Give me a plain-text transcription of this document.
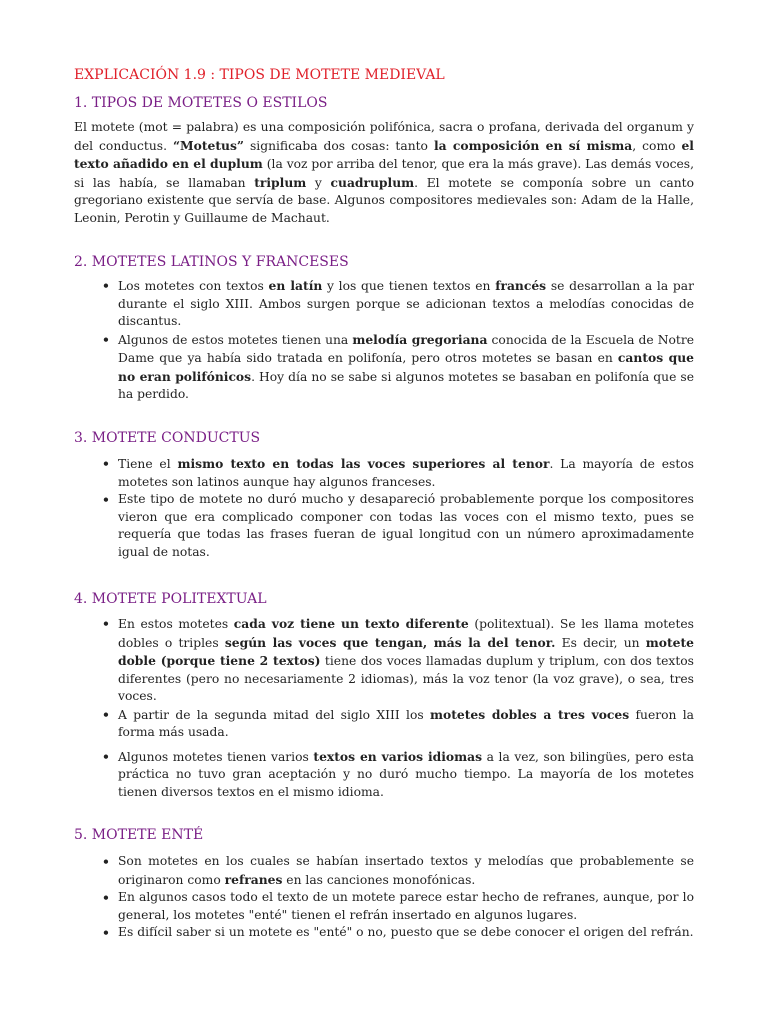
EXPLICACIÓN 1.9 : TIPOS DE MOTETE MEDIEVAL
1. TIPOS DE MOTETES O ESTILOS

El motete (mot = palabra) es una composición polifónica, sacra o profana, derivada del organum y del conductus. “Motetus” significaba dos cosas: tanto la composición en sí misma, como el texto añadido en el duplum (la voz por arriba del tenor, que era la más grave). Las demás voces, si las había, se llamaban triplum y cuadruplum. El motete se componía sobre un canto gregoriano existente que servía de base. Algunos compositores medievales son: Adam de la Halle, Leonin, Perotin y Guillaume de Machaut.

2. MOTETES LATINOS Y FRANCESES
• Los motetes con textos en latín y los que tienen textos en francés se desarrollan a la par durante el siglo XIII. Ambos surgen porque se adicionan textos a melodías conocidas de discantus.
• Algunos de estos motetes tienen una melodía gregoriana conocida de la Escuela de Notre Dame que ya había sido tratada en polifonía, pero otros motetes se basan en cantos que no eran polifónicos. Hoy día no se sabe si algunos motetes se basaban en polifonía que se ha perdido.
3. MOTETE CONDUCTUS
• Tiene el mismo texto en todas las voces superiores al tenor. La mayoría de estos motetes son latinos aunque hay algunos franceses.
• Este tipo de motete no duró mucho y desapareció probablemente porque los compositores vieron que era complicado componer con todas las voces con el mismo texto, pues se requería que todas las frases fueran de igual longitud con un número aproximadamente igual de notas.
4. MOTETE POLITEXTUAL
• En estos motetes cada voz tiene un texto diferente (politextual). Se les llama motetes dobles o triples según las voces que tengan, más la del tenor. Es decir, un motete doble (porque tiene 2 textos) tiene dos voces llamadas duplum y triplum, con dos textos diferentes (pero no necesariamente 2 idiomas), más la voz tenor (la voz grave), o sea, tres voces.
• A partir de la segunda mitad del siglo XIII los motetes dobles a tres voces fueron la forma más usada.
• Algunos motetes tienen varios textos en varios idiomas a la vez, son bilingües, pero esta práctica no tuvo gran aceptación y no duró mucho tiempo. La mayoría de los motetes tienen diversos textos en el mismo idioma.
5. MOTETE ENTÉ
• Son motetes en los cuales se habían insertado textos y melodías que probablemente se originaron como refranes en las canciones monofónicas.
• En algunos casos todo el texto de un motete parece estar hecho de refranes, aunque, por lo general, los motetes "enté" tienen el refrán insertado en algunos lugares.
• Es difícil saber si un motete es "enté" o no, puesto que se debe conocer el origen del refrán.
